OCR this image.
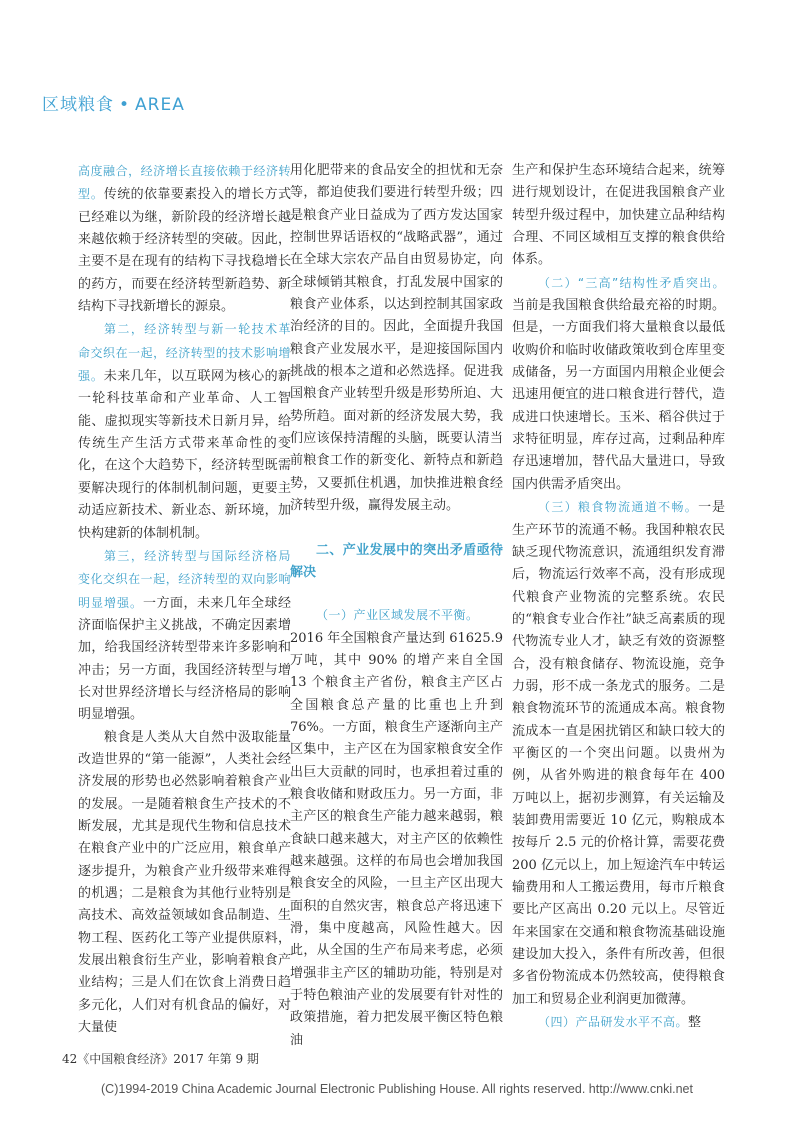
区域粮食 • AREA

高度融合，经济增长直接依赖于经济转型。传统的依靠要素投入的增长方式已经难以为继，新阶段的经济增长越来越依赖于经济转型的突破。因此，主要不是在现有的结构下寻找稳增长的药方，而要在经济转型新趋势、新结构下寻找新增长的源泉。

第二，经济转型与新一轮技术革命交织在一起，经济转型的技术影响增强。未来几年，以互联网为核心的新一轮科技革命和产业革命、人工智能、虚拟现实等新技术日新月异，给传统生产生活方式带来革命性的变化，在这个大趋势下，经济转型既需要解决现行的体制机制问题，更要主动适应新技术、新业态、新环境，加快构建新的体制机制。

第三，经济转型与国际经济格局变化交织在一起，经济转型的双向影响明显增强。一方面，未来几年全球经济面临保护主义挑战，不确定因素增加，给我国经济转型带来许多影响和冲击；另一方面，我国经济转型与增长对世界经济增长与经济格局的影响明显增强。

粮食是人类从大自然中汲取能量改造世界的“第一能源”，人类社会经济发展的形势也必然影响着粮食产业的发展。一是随着粮食生产技术的不断发展，尤其是现代生物和信息技术在粮食产业中的广泛应用，粮食单产逐步提升，为粮食产业升级带来难得的机遇；二是粮食为其他行业特别是高技术、高效益领域如食品制造、生物工程、医药化工等产业提供原料，发展出粮食衍生产业，影响着粮食产业结构；三是人们在饮食上消费日趋多元化，人们对有机食品的偏好，对大量使

用化肥带来的食品安全的担忧和无奈等，都迫使我们要进行转型升级；四是粮食产业日益成为了西方发达国家控制世界话语权的“战略武器”，通过在全球大宗农产品自由贸易协定，向全球倾销其粮食，打乱发展中国家的粮食产业体系，以达到控制其国家政治经济的目的。因此，全面提升我国粮食产业发展水平，是迎接国际国内挑战的根本之道和必然选择。促进我国粮食产业转型升级是形势所迫、大势所趋。面对新的经济发展大势，我们应该保持清醒的头脑，既要认清当前粮食工作的新变化、新特点和新趋势，又要抓住机遇，加快推进粮食经济转型升级，赢得发展主动。

二、产业发展中的突出矛盾亟待解决

（一）产业区域发展不平衡。
2016 年全国粮食产量达到 61625.9 万吨，其中 90% 的增产来自全国 13 个粮食主产省份，粮食主产区占全国粮食总产量的比重也上升到 76%。一方面，粮食生产逐渐向主产区集中，主产区在为国家粮食安全作出巨大贡献的同时，也承担着过重的粮食收储和财政压力。另一方面，非主产区的粮食生产能力越来越弱，粮食缺口越来越大，对主产区的依赖性越来越强。这样的布局也会增加我国粮食安全的风险，一旦主产区出现大面积的自然灾害，粮食总产将迅速下滑，集中度越高，风险性越大。因此，从全国的生产布局来考虑，必须增强非主产区的辅助功能，特别是对于特色粮油产业的发展要有针对性的政策措施，着力把发展平衡区特色粮油

生产和保护生态环境结合起来，统筹进行规划设计，在促进我国粮食产业转型升级过程中，加快建立品种结构合理、不同区域相互支撑的粮食供给体系。

（二）“三高”结构性矛盾突出。当前是我国粮食供给最充裕的时期。但是，一方面我们将大量粮食以最低收购价和临时收储政策收到仓库里变成储备，另一方面国内用粮企业便会迅速用便宜的进口粮食进行替代，造成进口快速增长。玉米、稻谷供过于求特征明显，库存过高，过剩品种库存迅速增加，替代品大量进口，导致国内供需矛盾突出。

（三）粮食物流通道不畅。一是生产环节的流通不畅。我国种粮农民缺乏现代物流意识，流通组织发育滞后，物流运行效率不高，没有形成现代粮食产业物流的完整系统。农民的“粮食专业合作社”缺乏高素质的现代物流专业人才，缺乏有效的资源整合，没有粮食储存、物流设施，竞争力弱，形不成一条龙式的服务。二是粮食物流环节的流通成本高。粮食物流成本一直是困扰销区和缺口较大的平衡区的一个突出问题。以贵州为例，从省外购进的粮食每年在 400 万吨以上，据初步测算，有关运输及装卸费用需要近 10 亿元，购粮成本按每斤 2.5 元的价格计算，需要花费 200 亿元以上，加上短途汽车中转运输费用和人工搬运费用，每市斤粮食要比产区高出 0.20 元以上。尽管近年来国家在交通和粮食物流基础设施建设加大投入，条件有所改善，但很多省份物流成本仍然较高，使得粮食加工和贸易企业利润更加微薄。

（四）产品研发水平不高。整

42《中国粮食经济》2017 年第 9 期
(C)1994-2019 China Academic Journal Electronic Publishing House. All rights reserved. http://www.cnki.net
